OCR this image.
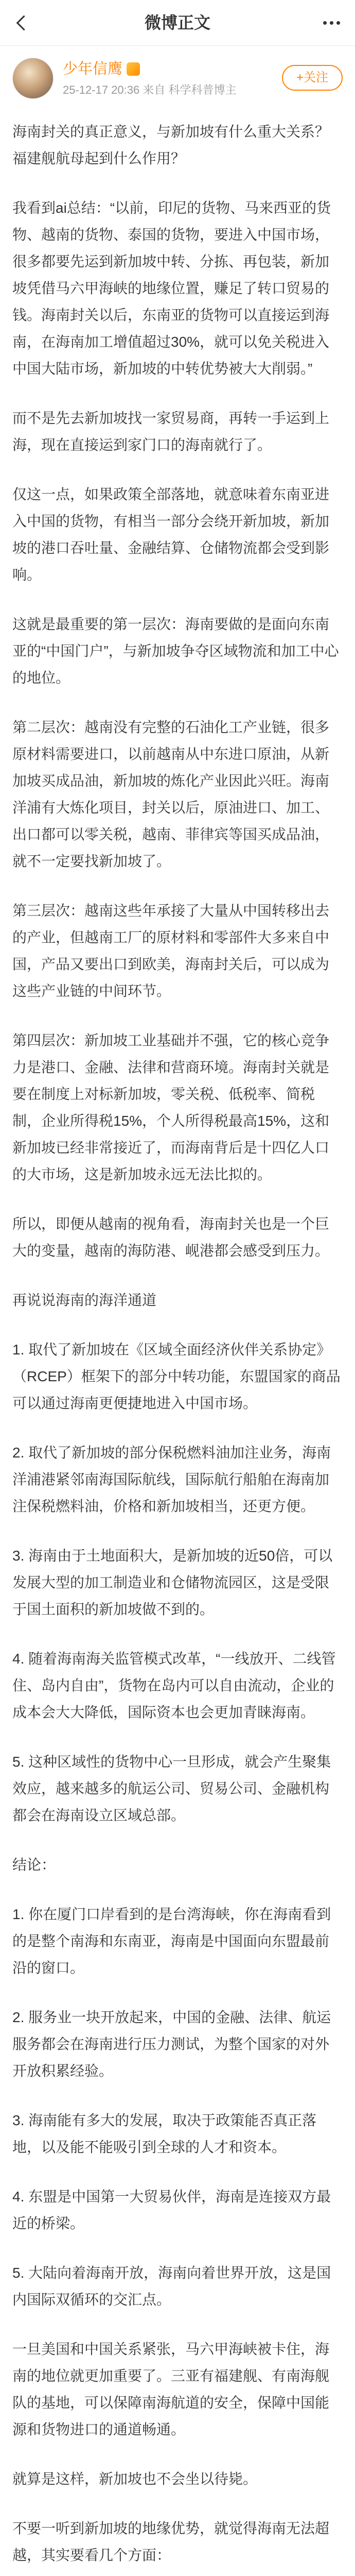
微博正文
少年信鹰
25-12-17 20:36 来自 科学科普博主
+关注

海南封关的真正意义，与新加坡有什么重大关系？福建舰航母起到什么作用？

我看到ai总结：“以前，印尼的货物、马来西亚的货物、越南的货物、泰国的货物，要进入中国市场，很多都要先运到新加坡中转、分拣、再包装，新加坡凭借马六甲海峡的地缘位置，赚足了转口贸易的钱。海南封关以后，东南亚的货物可以直接运到海南，在海南加工增值超过30%，就可以免关税进入中国大陆市场，新加坡的中转优势被大大削弱。”

而不是先去新加坡找一家贸易商，再转一手运到上海，现在直接运到家门口的海南就行了。

仅这一点，如果政策全部落地，就意味着东南亚进入中国的货物，有相当一部分会绕开新加坡，新加坡的港口吞吐量、金融结算、仓储物流都会受到影响。

这就是最重要的第一层次：海南要做的是面向东南亚的“中国门户”，与新加坡争夺区域物流和加工中心的地位。

第二层次：越南没有完整的石油化工产业链，很多原材料需要进口，以前越南从中东进口原油，从新加坡买成品油，新加坡的炼化产业因此兴旺。海南洋浦有大炼化项目，封关以后，原油进口、加工、出口都可以零关税，越南、菲律宾等国买成品油，就不一定要找新加坡了。

第三层次：越南这些年承接了大量从中国转移出去的产业，但越南工厂的原材料和零部件大多来自中国，产品又要出口到欧美，海南封关后，可以成为这些产业链的中间环节。

第四层次：新加坡工业基础并不强，它的核心竞争力是港口、金融、法律和营商环境。海南封关就是要在制度上对标新加坡，零关税、低税率、简税制，企业所得税15%，个人所得税最高15%，这和新加坡已经非常接近了，而海南背后是十四亿人口的大市场，这是新加坡永远无法比拟的。

所以，即便从越南的视角看，海南封关也是一个巨大的变量，越南的海防港、岘港都会感受到压力。

再说说海南的海洋通道

1. 取代了新加坡在《区域全面经济伙伴关系协定》（RCEP）框架下的部分中转功能，东盟国家的商品可以通过海南更便捷地进入中国市场。

2. 取代了新加坡的部分保税燃料油加注业务，海南洋浦港紧邻南海国际航线，国际航行船舶在海南加注保税燃料油，价格和新加坡相当，还更方便。

3. 海南由于土地面积大，是新加坡的近50倍，可以发展大型的加工制造业和仓储物流园区，这是受限于国土面积的新加坡做不到的。

4. 随着海南海关监管模式改革，“一线放开、二线管住、岛内自由”，货物在岛内可以自由流动，企业的成本会大大降低，国际资本也会更加青睐海南。

5. 这种区域性的货物中心一旦形成，就会产生聚集效应，越来越多的航运公司、贸易公司、金融机构都会在海南设立区域总部。

结论：

1. 你在厦门口岸看到的是台湾海峡，你在海南看到的是整个南海和东南亚，海南是中国面向东盟最前沿的窗口。

2. 服务业一块开放起来，中国的金融、法律、航运服务都会在海南进行压力测试，为整个国家的对外开放积累经验。

3. 海南能有多大的发展，取决于政策能否真正落地，以及能不能吸引到全球的人才和资本。

4. 东盟是中国第一大贸易伙伴，海南是连接双方最近的桥梁。

5. 大陆向着海南开放，海南向着世界开放，这是国内国际双循环的交汇点。

一旦美国和中国关系紧张，马六甲海峡被卡住，海南的地位就更加重要了。三亚有福建舰、有南海舰队的基地，可以保障南海航道的安全，保障中国能源和货物进口的通道畅通。

就算是这样，新加坡也不会坐以待毙。

不要一听到新加坡的地缘优势，就觉得海南无法超越，其实要看几个方面：
